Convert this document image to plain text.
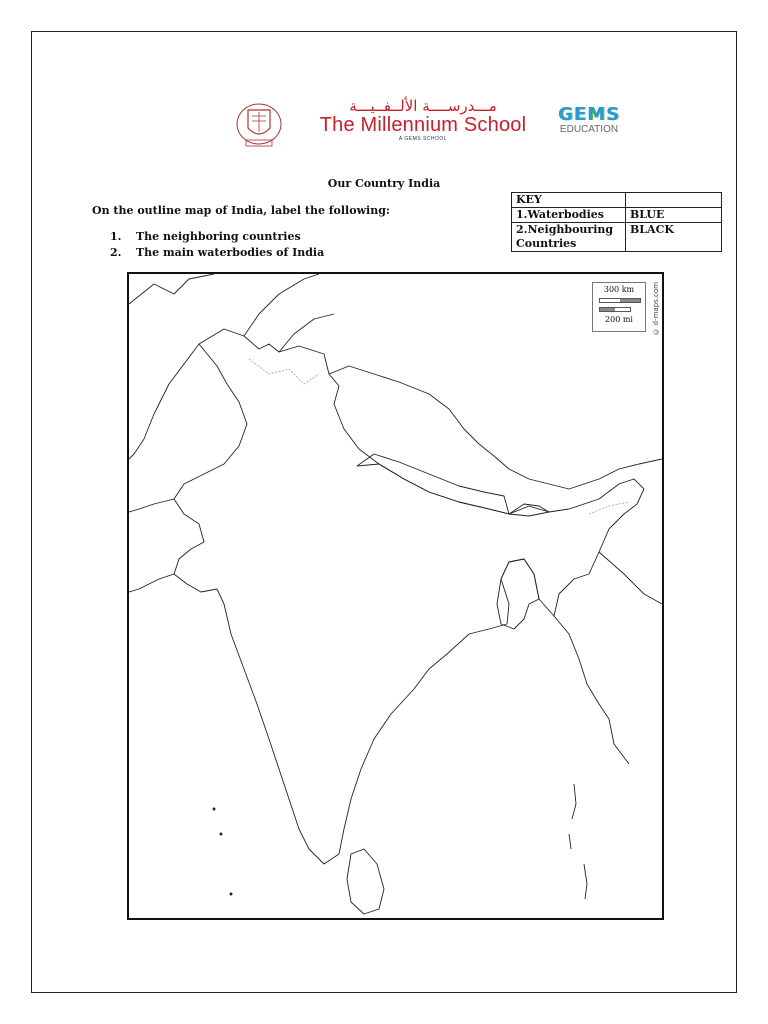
مـــدرســــة الألــفــيـــة
The Millennium School
A GEMS SCHOOL
GEMS
EDUCATION
Our Country India
On the outline map of India, label the following:
1. The neighboring countries
2. The main waterbodies of India
KEY	
1.Waterbodies	BLUE
2.Neighbouring Countries	BLACK
300 km
200 mi	© d-maps.com
